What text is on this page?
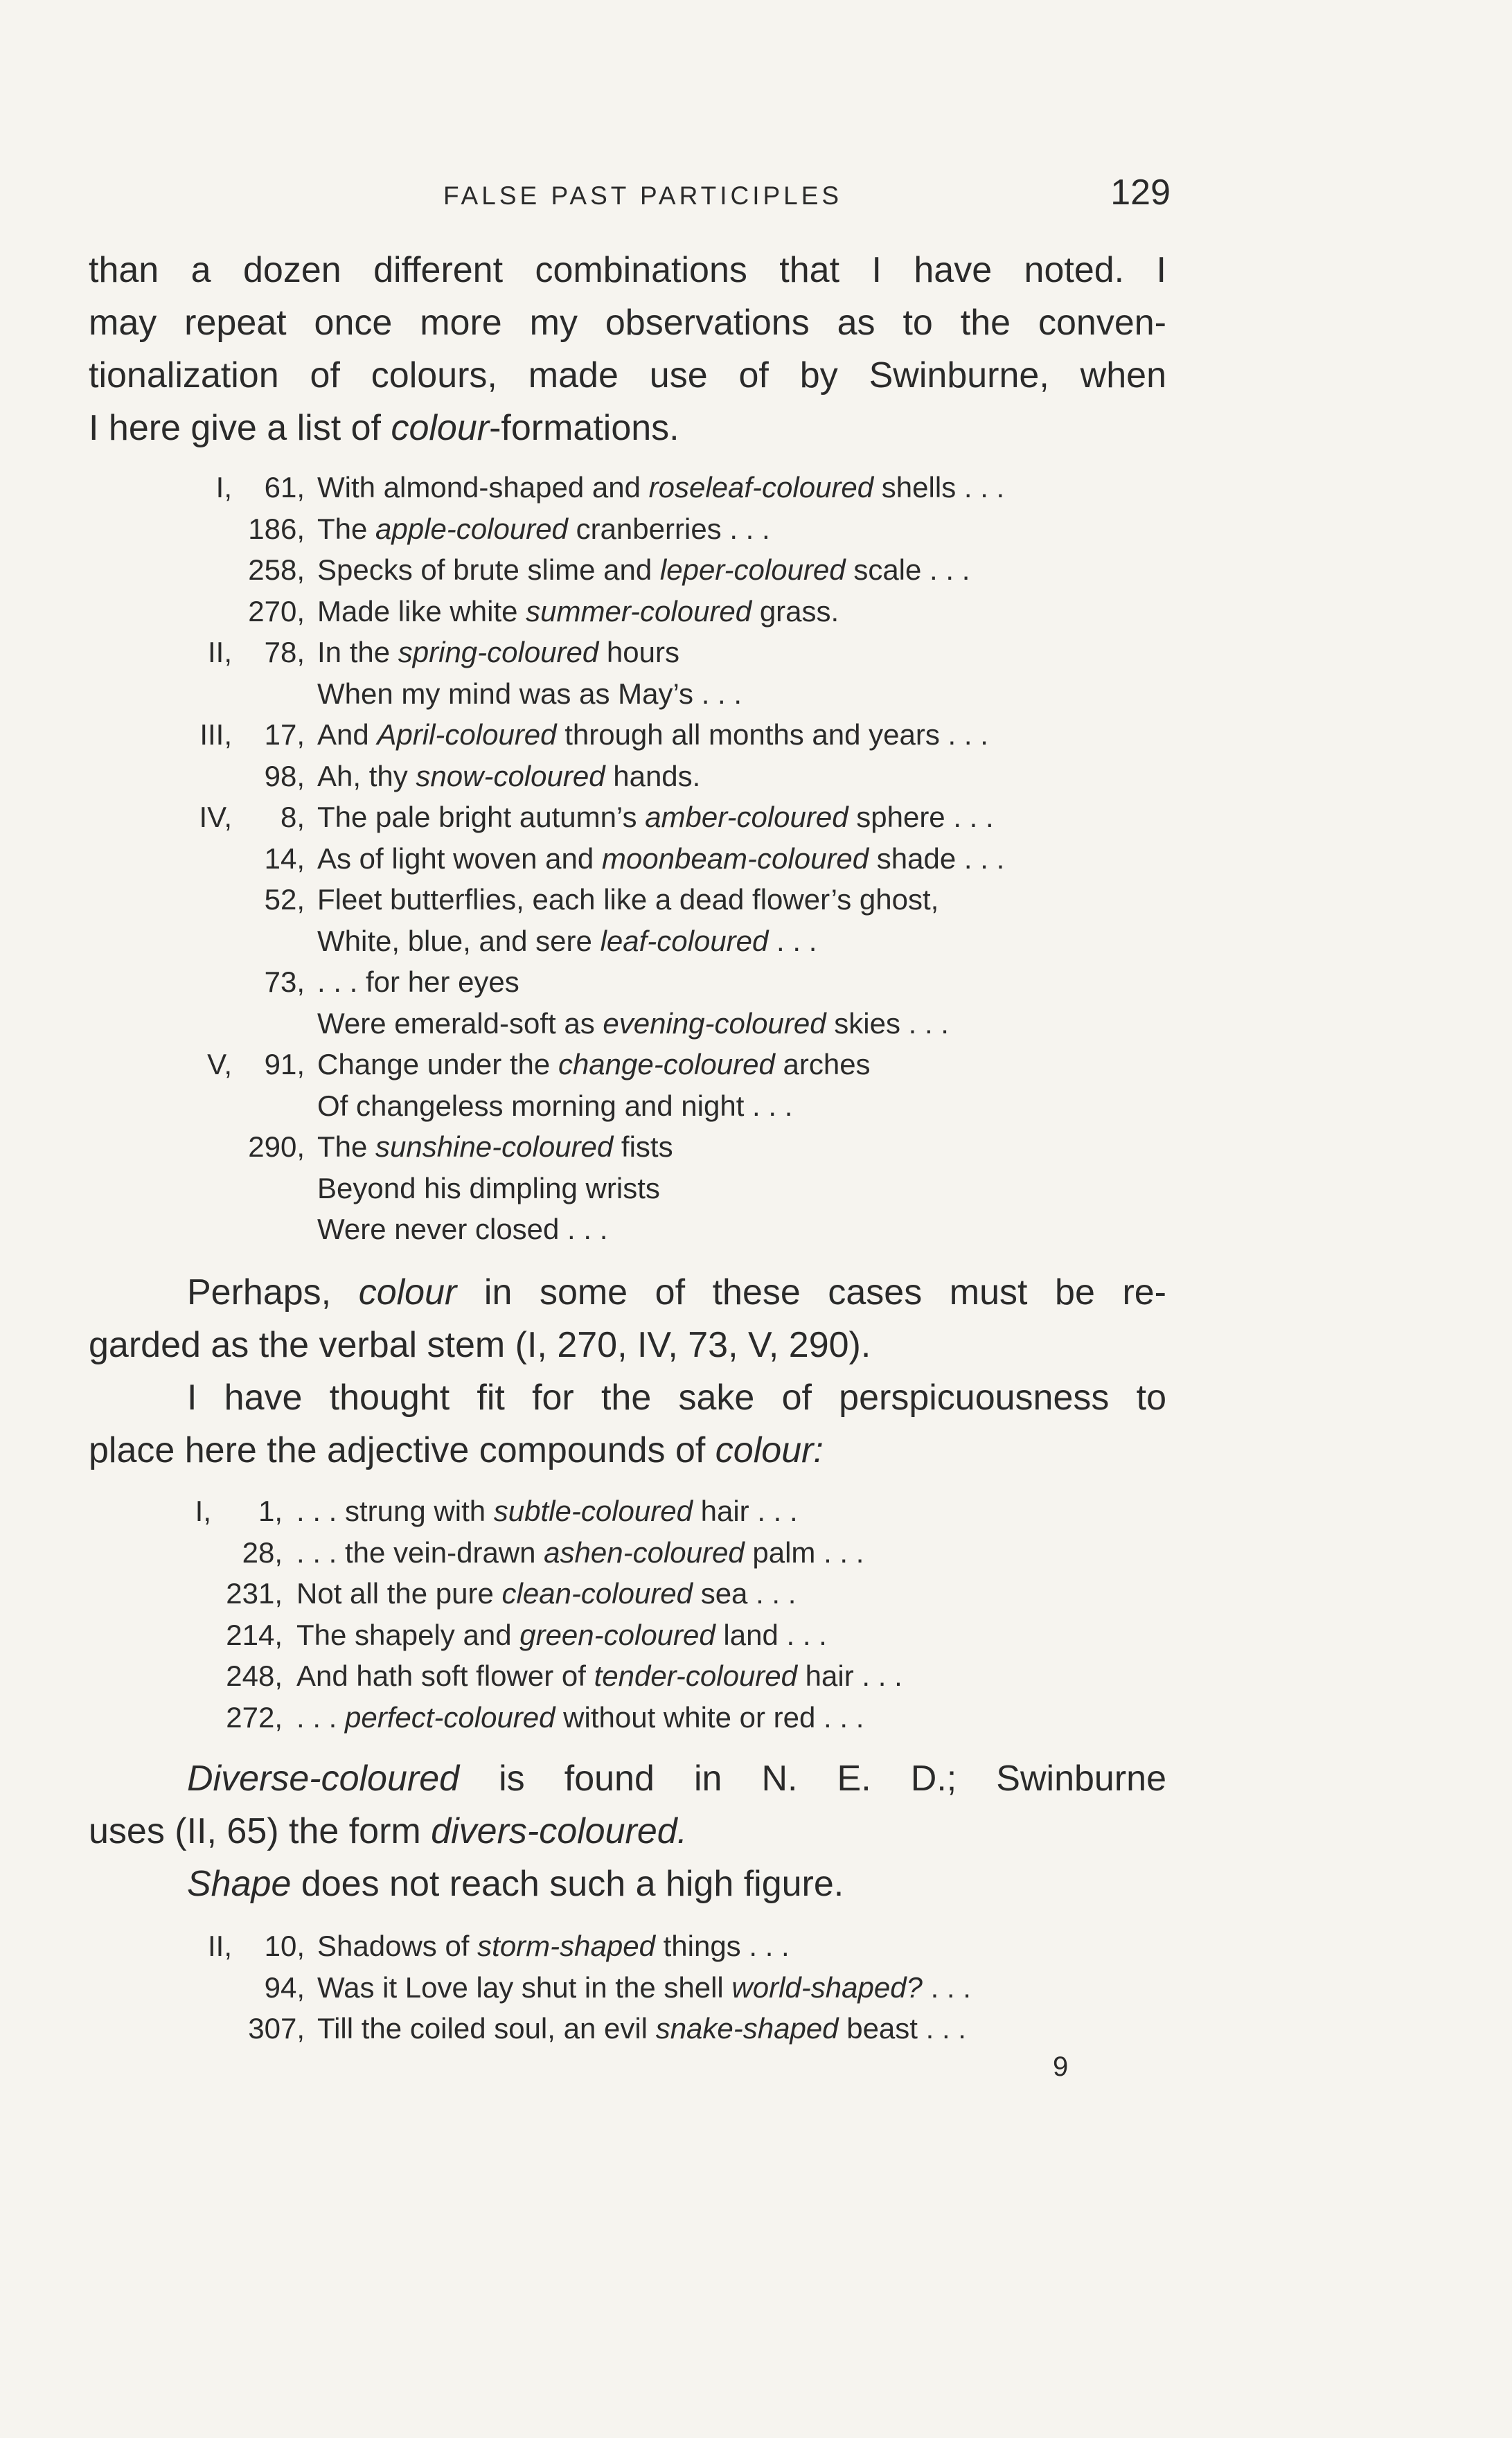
FALSE PAST PARTICIPLES	129
than a dozen different combinations that I have noted. I
may repeat once more my observations as to the conven-
tionalization of colours, made use of by Swinburne, when
I here give a list of colour-formations.
I, 61, With almond-shaped and roseleaf-coloured shells . . .
186, The apple-coloured cranberries . . .
258, Specks of brute slime and leper-coloured scale . . .
270, Made like white summer-coloured grass.
II, 78, In the spring-coloured hours
When my mind was as May’s . . .
III, 17, And April-coloured through all months and years . . .
98, Ah, thy snow-coloured hands.
IV, 8, The pale bright autumn’s amber-coloured sphere . . .
14, As of light woven and moonbeam-coloured shade . . .
52, Fleet butterflies, each like a dead flower’s ghost,
White, blue, and sere leaf-coloured . . .
73, . . . for her eyes
Were emerald-soft as evening-coloured skies . . .
V, 91, Change under the change-coloured arches
Of changeless morning and night . . .
290, The sunshine-coloured fists
Beyond his dimpling wrists
Were never closed . . .
Perhaps, colour in some of these cases must be re-
garded as the verbal stem (I, 270, IV, 73, V, 290).
I have thought fit for the sake of perspicuousness to
place here the adjective compounds of colour:
I, 1, . . . strung with subtle-coloured hair . . .
28, . . . the vein-drawn ashen-coloured palm . . .
231, Not all the pure clean-coloured sea . . .
214, The shapely and green-coloured land . . .
248, And hath soft flower of tender-coloured hair . . .
272, . . . perfect-coloured without white or red . . .
Diverse-coloured is found in N. E. D.; Swinburne
uses (II, 65) the form divers-coloured.
Shape does not reach such a high figure.
II, 10, Shadows of storm-shaped things . . .
94, Was it Love lay shut in the shell world-shaped? . . .
307, Till the coiled soul, an evil snake-shaped beast . . .
9
